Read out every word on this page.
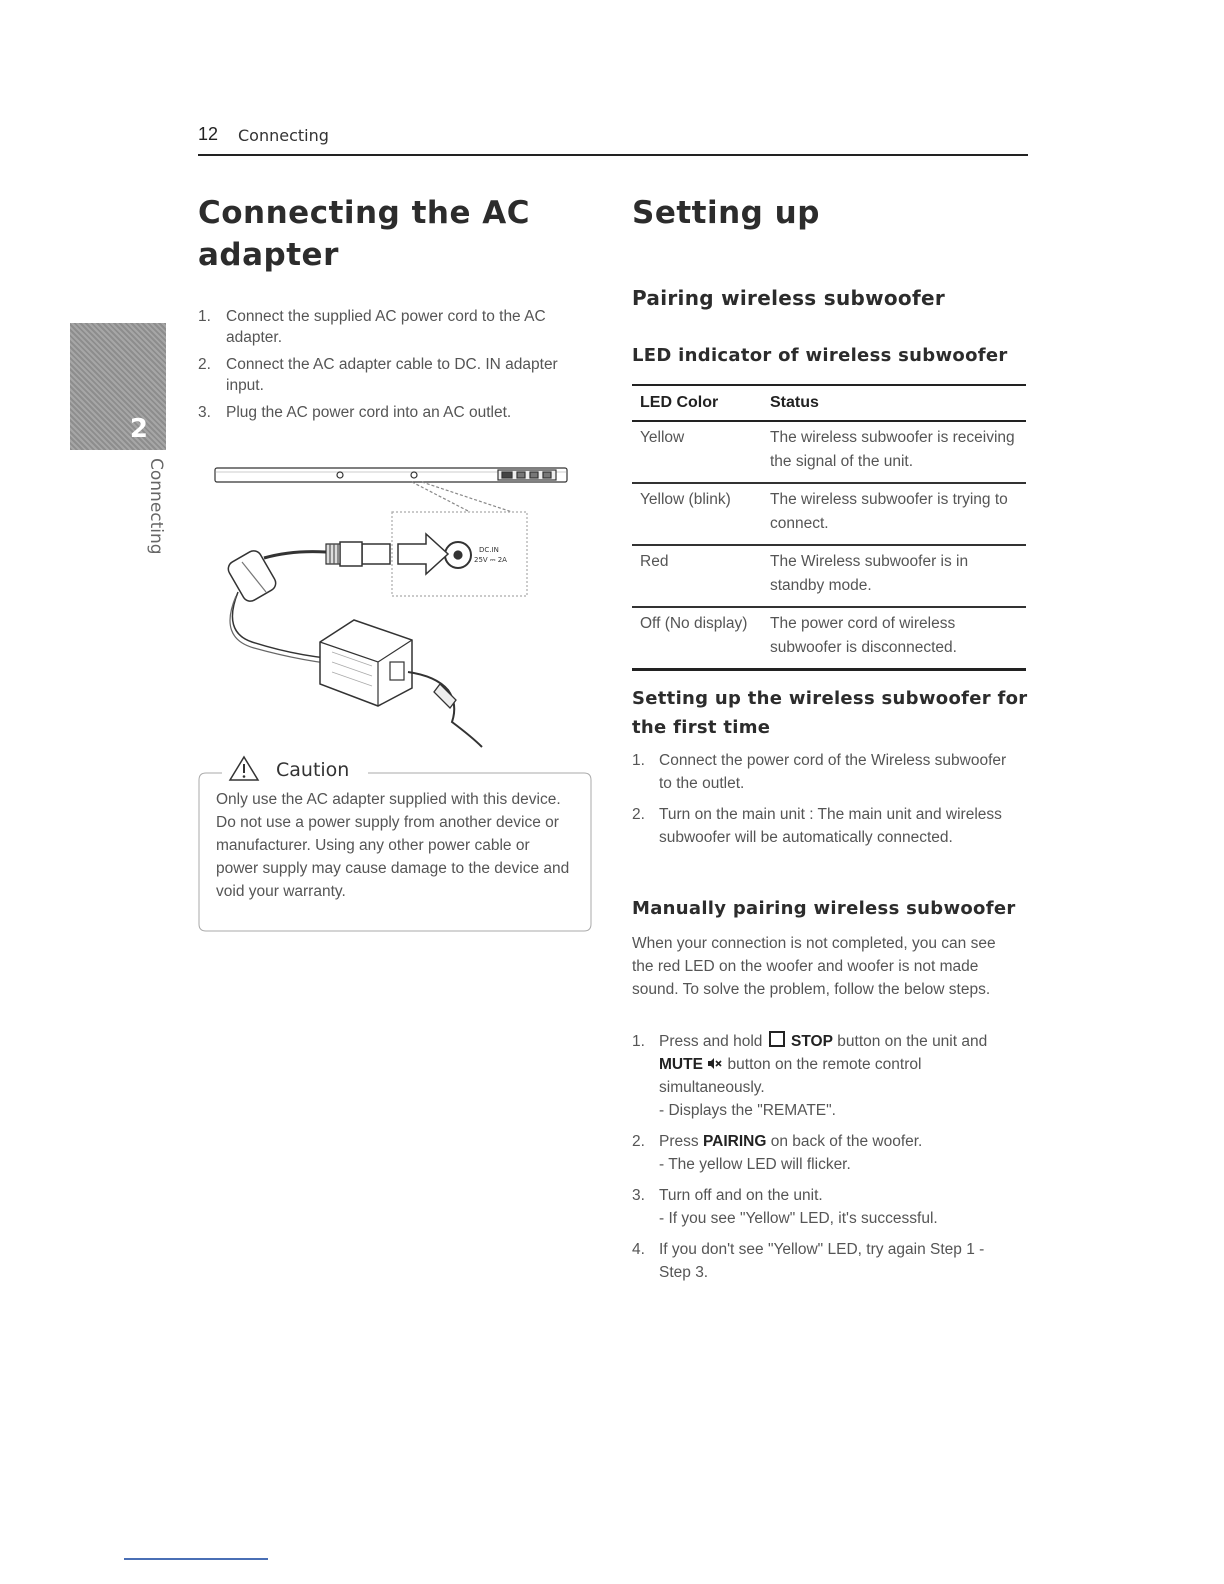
12 Connecting
2
Connecting
Connecting the AC adapter
1. Connect the supplied AC power cord to the AC adapter.
2. Connect the AC adapter cable to DC. IN adapter input.
3. Plug the AC power cord into an AC outlet.
DC.IN
25V ⎓ 2A
Caution
Only use the AC adapter supplied with this device. Do not use a power supply from another device or manufacturer. Using any other power cable or power supply may cause damage to the device and void your warranty.
Setting up
Pairing wireless subwoofer
LED indicator of wireless subwoofer
LED Color	Status
Yellow	The wireless subwoofer is receiving the signal of the unit.
Yellow (blink)	The wireless subwoofer is trying to connect.
Red	The Wireless subwoofer is in standby mode.
Off (No display)	The power cord of wireless subwoofer is disconnected.
Setting up the wireless subwoofer for the first time
1. Connect the power cord of the Wireless subwoofer to the outlet.
2. Turn on the main unit : The main unit and wireless subwoofer will be automatically connected.
Manually pairing wireless subwoofer

When your connection is not completed, you can see the red LED on the woofer and woofer is not made sound. To solve the problem, follow the below steps.

1. Press and hold STOP button on the unit and MUTE button on the remote control simultaneously.
- Displays the "REMATE".
2. Press PAIRING on back of the woofer.
- The yellow LED will flicker.
3. Turn off and on the unit.
- If you see "Yellow" LED, it's successful.
4. If you don't see "Yellow" LED, try again Step 1 - Step 3.
